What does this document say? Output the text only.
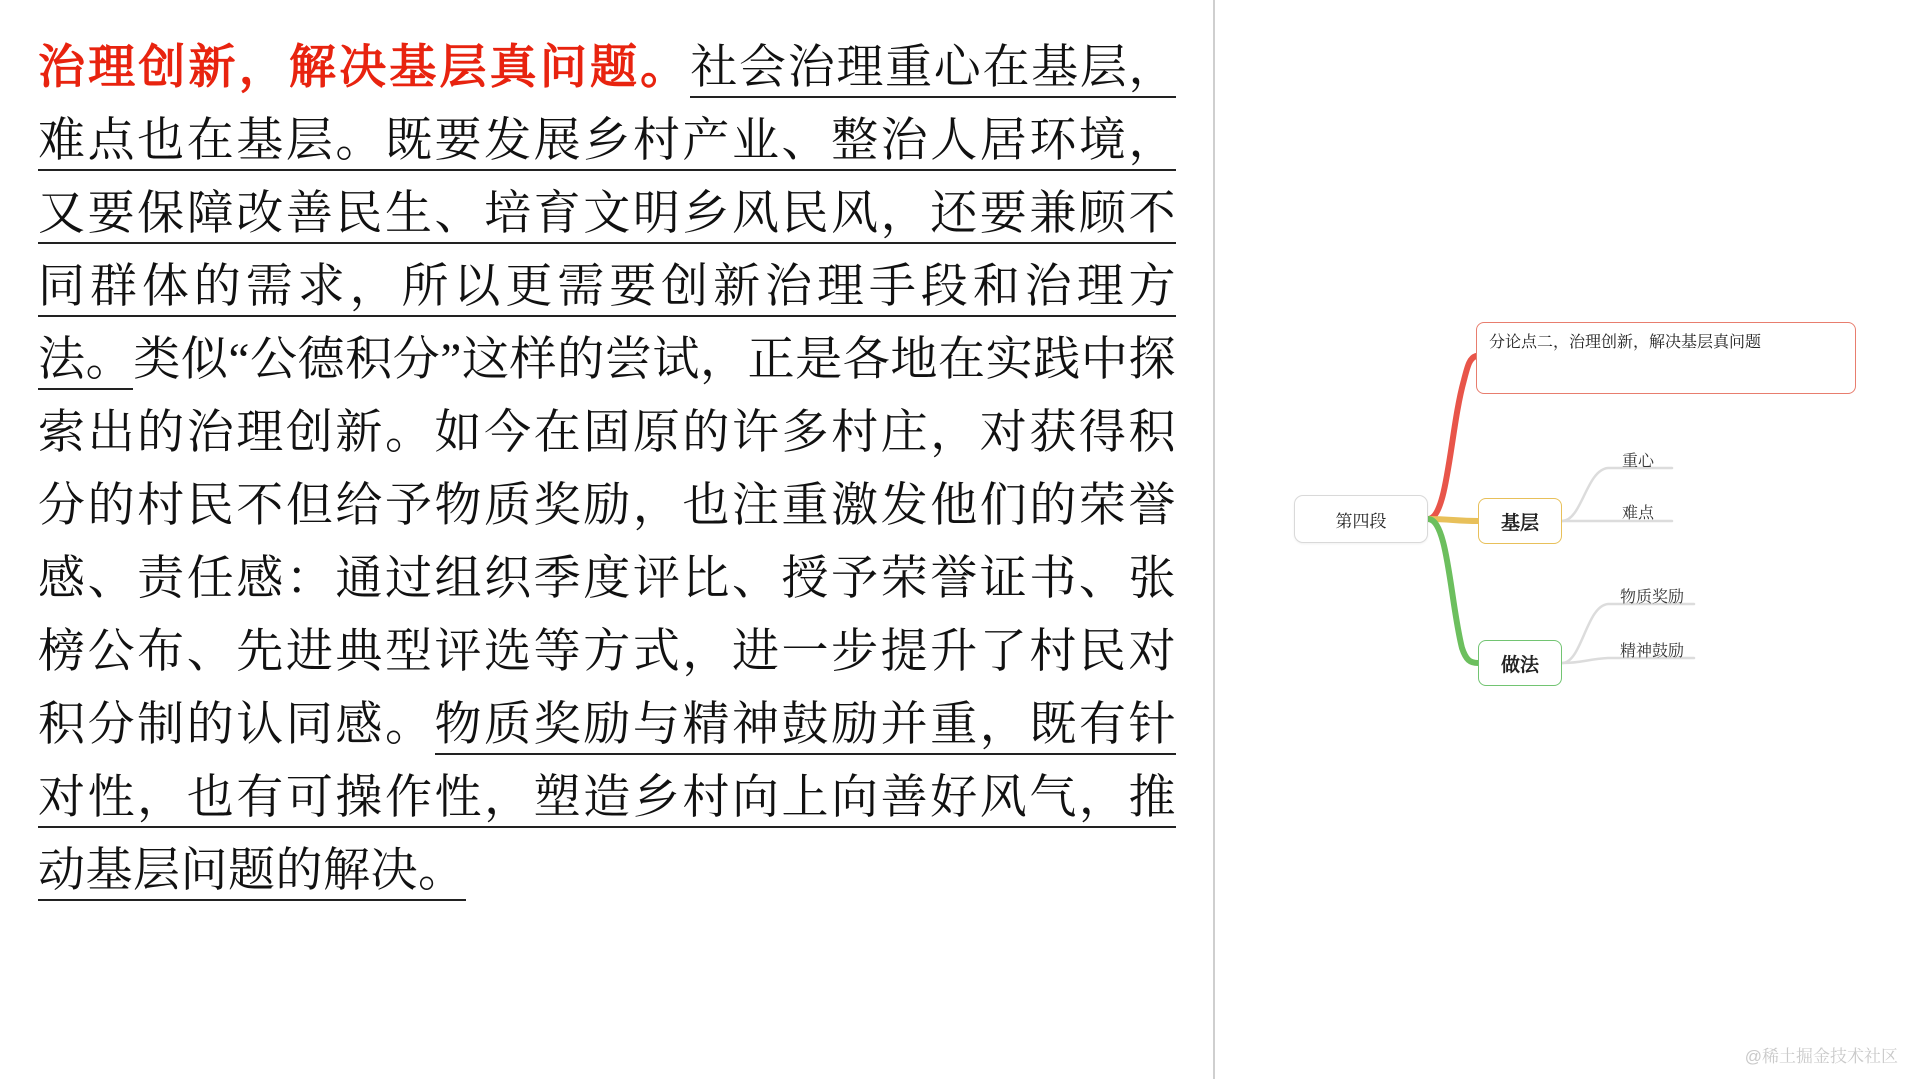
治理创新，解决基层真问题。社会治理重心在基层，难点也在基层。既要发展乡村产业、整治人居环境，又要保障改善民生、培育文明乡风民风，还要兼顾不同群体的需求，所以更需要创新治理手段和治理方法。类似“公德积分”这样的尝试，正是各地在实践中探索出的治理创新。如今在固原的许多村庄，对获得积分的村民不但给予物质奖励，也注重激发他们的荣誉感、责任感：通过组织季度评比、授予荣誉证书、张榜公布、先进典型评选等方式，进一步提升了村民对积分制的认同感。物质奖励与精神鼓励并重，既有针对性，也有可操作性，塑造乡村向上向善好风气，推动基层问题的解决。
第四段
分论点二，治理创新，解决基层真问题
基层
做法
重心
难点
物质奖励
精神鼓励
@稀土掘金技术社区
